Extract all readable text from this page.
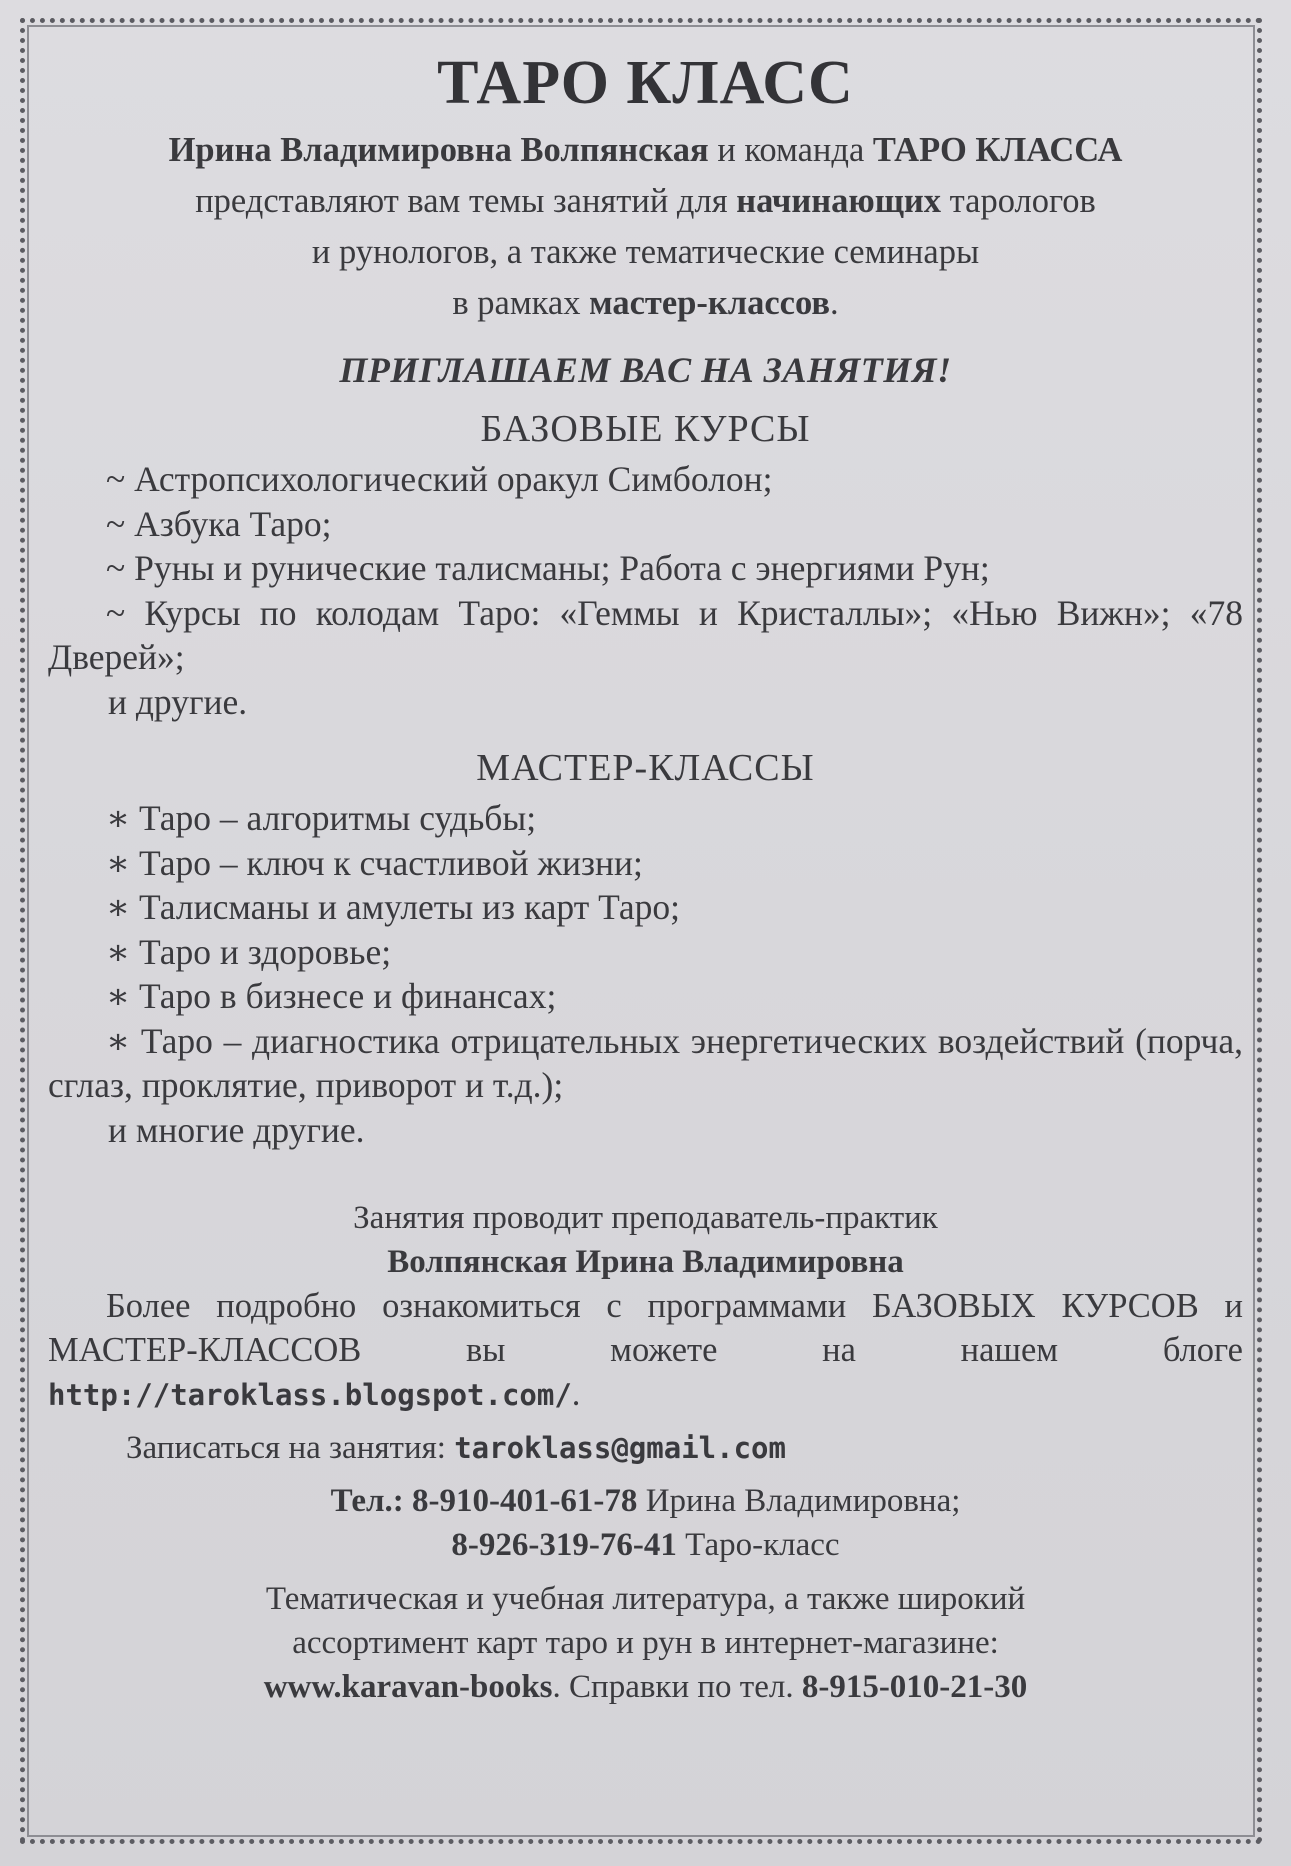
ТАРО КЛАСС
Ирина Владимировна Волпянская и команда ТАРО КЛАССА
представляют вам темы занятий для начинающих тарологов
и рунологов, а также тематические семинары
в рамках мастер-классов.
ПРИГЛАШАЕМ ВАС НА ЗАНЯТИЯ!
БАЗОВЫЕ КУРСЫ
~ Астропсихологический оракул Симболон;
~ Азбука Таро;
~ Руны и рунические талисманы; Работа с энергиями Рун;
~ Курсы по колодам Таро: «Геммы и Кристаллы»; «Нью Вижн»; «78 Дверей»;
и другие.
МАСТЕР-КЛАССЫ
∗ Таро – алгоритмы судьбы;
∗ Таро – ключ к счастливой жизни;
∗ Талисманы и амулеты из карт Таро;
∗ Таро и здоровье;
∗ Таро в бизнесе и финансах;
∗ Таро – диагностика отрицательных энергетических воздействий (порча, сглаз, проклятие, приворот и т.д.);
и многие другие.
Занятия проводит преподаватель-практик
Волпянская Ирина Владимировна
Более подробно ознакомиться с программами БАЗОВЫХ КУРСОВ и МАСТЕР-КЛАССОВ вы можете на нашем блоге http://taroklass.blogspot.com/.
Записаться на занятия: taroklass@gmail.com
Тел.: 8-910-401-61-78 Ирина Владимировна;
8-926-319-76-41 Таро-класс
Тематическая и учебная литература, а также широкий
ассортимент карт таро и рун в интернет-магазине:
www.karavan-books. Справки по тел. 8-915-010-21-30
